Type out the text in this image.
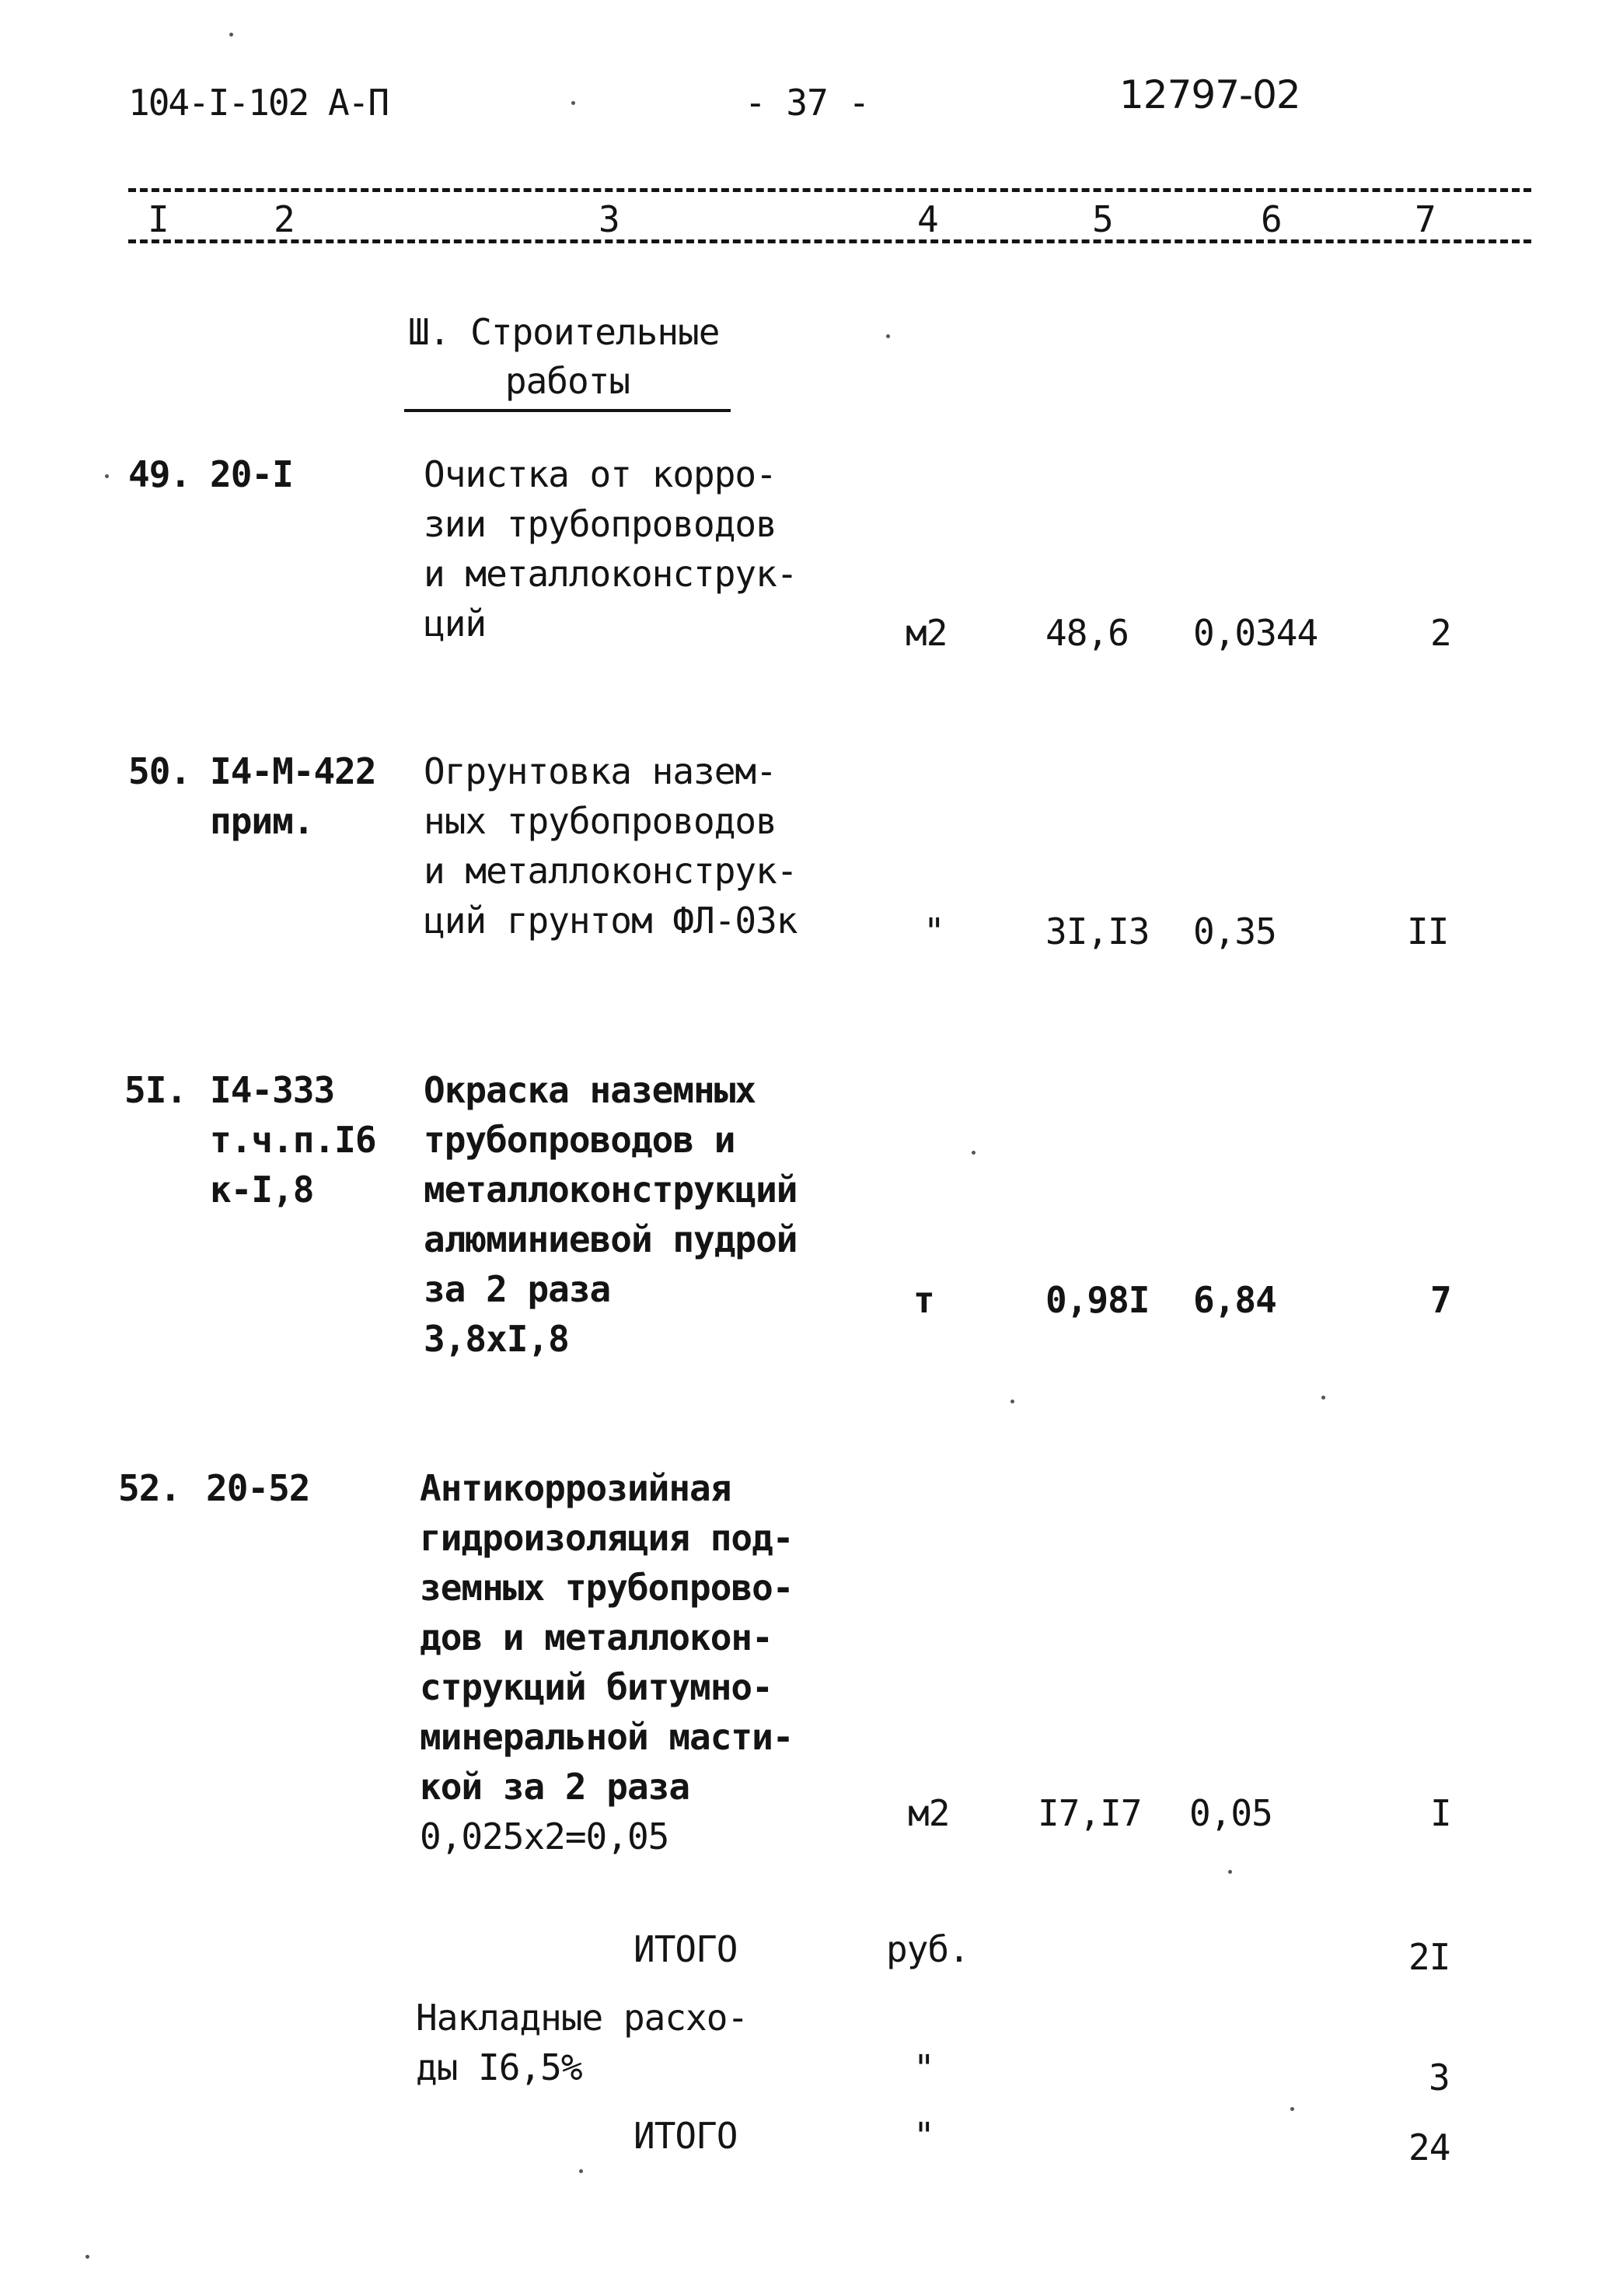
104-I-102 А-П	- 37 -	12797-02
I	2	3	4	5	6	7
Ш. Строительные
работы
49. 20-I	Очистка от корро-
зии трубопроводов
и металлоконструк-
ций	м2	48,6 0,0344	2
50. I4-М-422
прим.
Огрунтовка назем-
ных трубопроводов
и металлоконструк-
ций грунтом ФЛ-03к	"	3I,I3 0,35	II
5I. I4-333
т.ч.п.I6
к-I,8
Окраска наземных
трубопроводов и
металлоконструкций
алюминиевой пудрой
за 2 раза
3,8хI,8
т	0,98I 6,84	7
52. 20-52	Антикоррозийная
гидроизоляция под-
земных трубопрово-
дов и металлокон-
струкций битумно-
минеральной масти-
кой за 2 раза
0,025х2=0,05
м2 I7,I7 0,05	I
ИТОГО	руб.	2I
Накладные расхо-
ды I6,5%	"	3
ИТОГО	"	24
